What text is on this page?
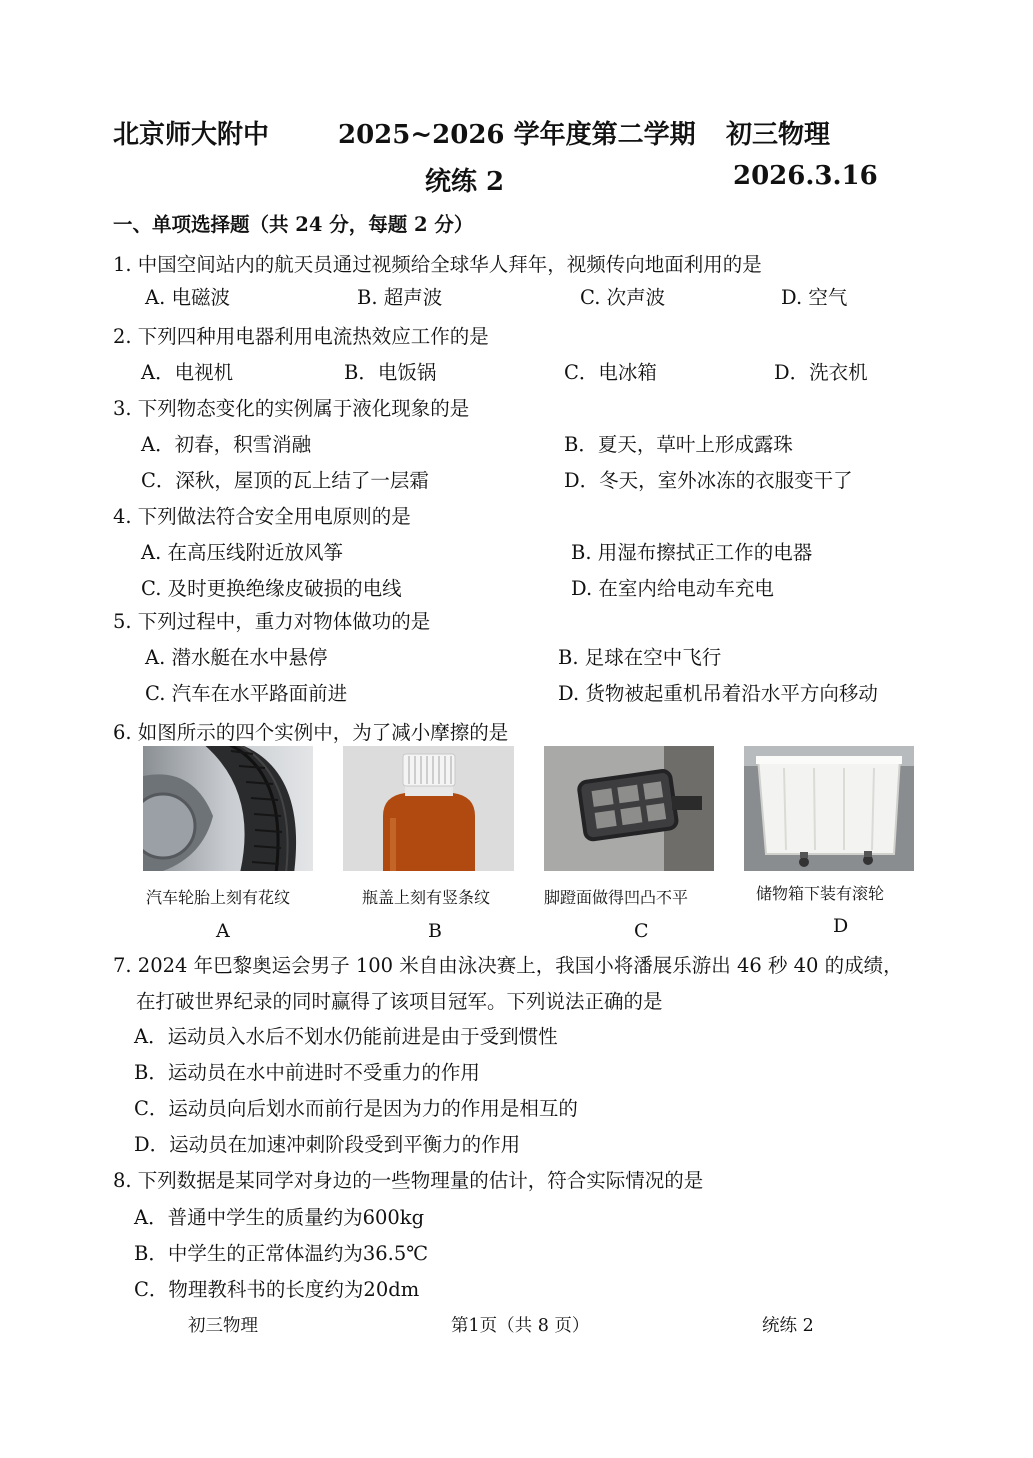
北京师大附中	2025~2026 学年度第二学期 初三物理
统练 2	2026.3.16
一、单项选择题（共 24 分，每题 2 分）
1. 中国空间站内的航天员通过视频给全球华人拜年，视频传向地面利用的是
A. 电磁波	B. 超声波	C. 次声波	D. 空气
2. 下列四种用电器利用电流热效应工作的是
A．电视机	B．电饭锅	C．电冰箱	D．洗衣机
3. 下列物态变化的实例属于液化现象的是
A．初春，积雪消融	B．夏天，草叶上形成露珠
C．深秋，屋顶的瓦上结了一层霜	D．冬天，室外冰冻的衣服变干了
4. 下列做法符合安全用电原则的是
A. 在高压线附近放风筝	B. 用湿布擦拭正工作的电器
C. 及时更换绝缘皮破损的电线	D. 在室内给电动车充电
5. 下列过程中，重力对物体做功的是
A. 潜水艇在水中悬停	B. 足球在空中飞行
C. 汽车在水平路面前进	D. 货物被起重机吊着沿水平方向移动
6. 如图所示的四个实例中，为了减小摩擦的是
汽车轮胎上刻有花纹	瓶盖上刻有竖条纹	脚蹬面做得凹凸不平	储物箱下装有滚轮
A	B	C	D
7. 2024 年巴黎奥运会男子 100 米自由泳决赛上，我国小将潘展乐游出 46 秒 40 的成绩，
在打破世界纪录的同时赢得了该项目冠军。下列说法正确的是
A．运动员入水后不划水仍能前进是由于受到惯性
B．运动员在水中前进时不受重力的作用
C．运动员向后划水而前行是因为力的作用是相互的
D．运动员在加速冲刺阶段受到平衡力的作用
8. 下列数据是某同学对身边的一些物理量的估计，符合实际情况的是
A．普通中学生的质量约为600kg
B．中学生的正常体温约为36.5℃
C．物理教科书的长度约为20dm
初三物理	第1页（共 8 页）	统练 2
